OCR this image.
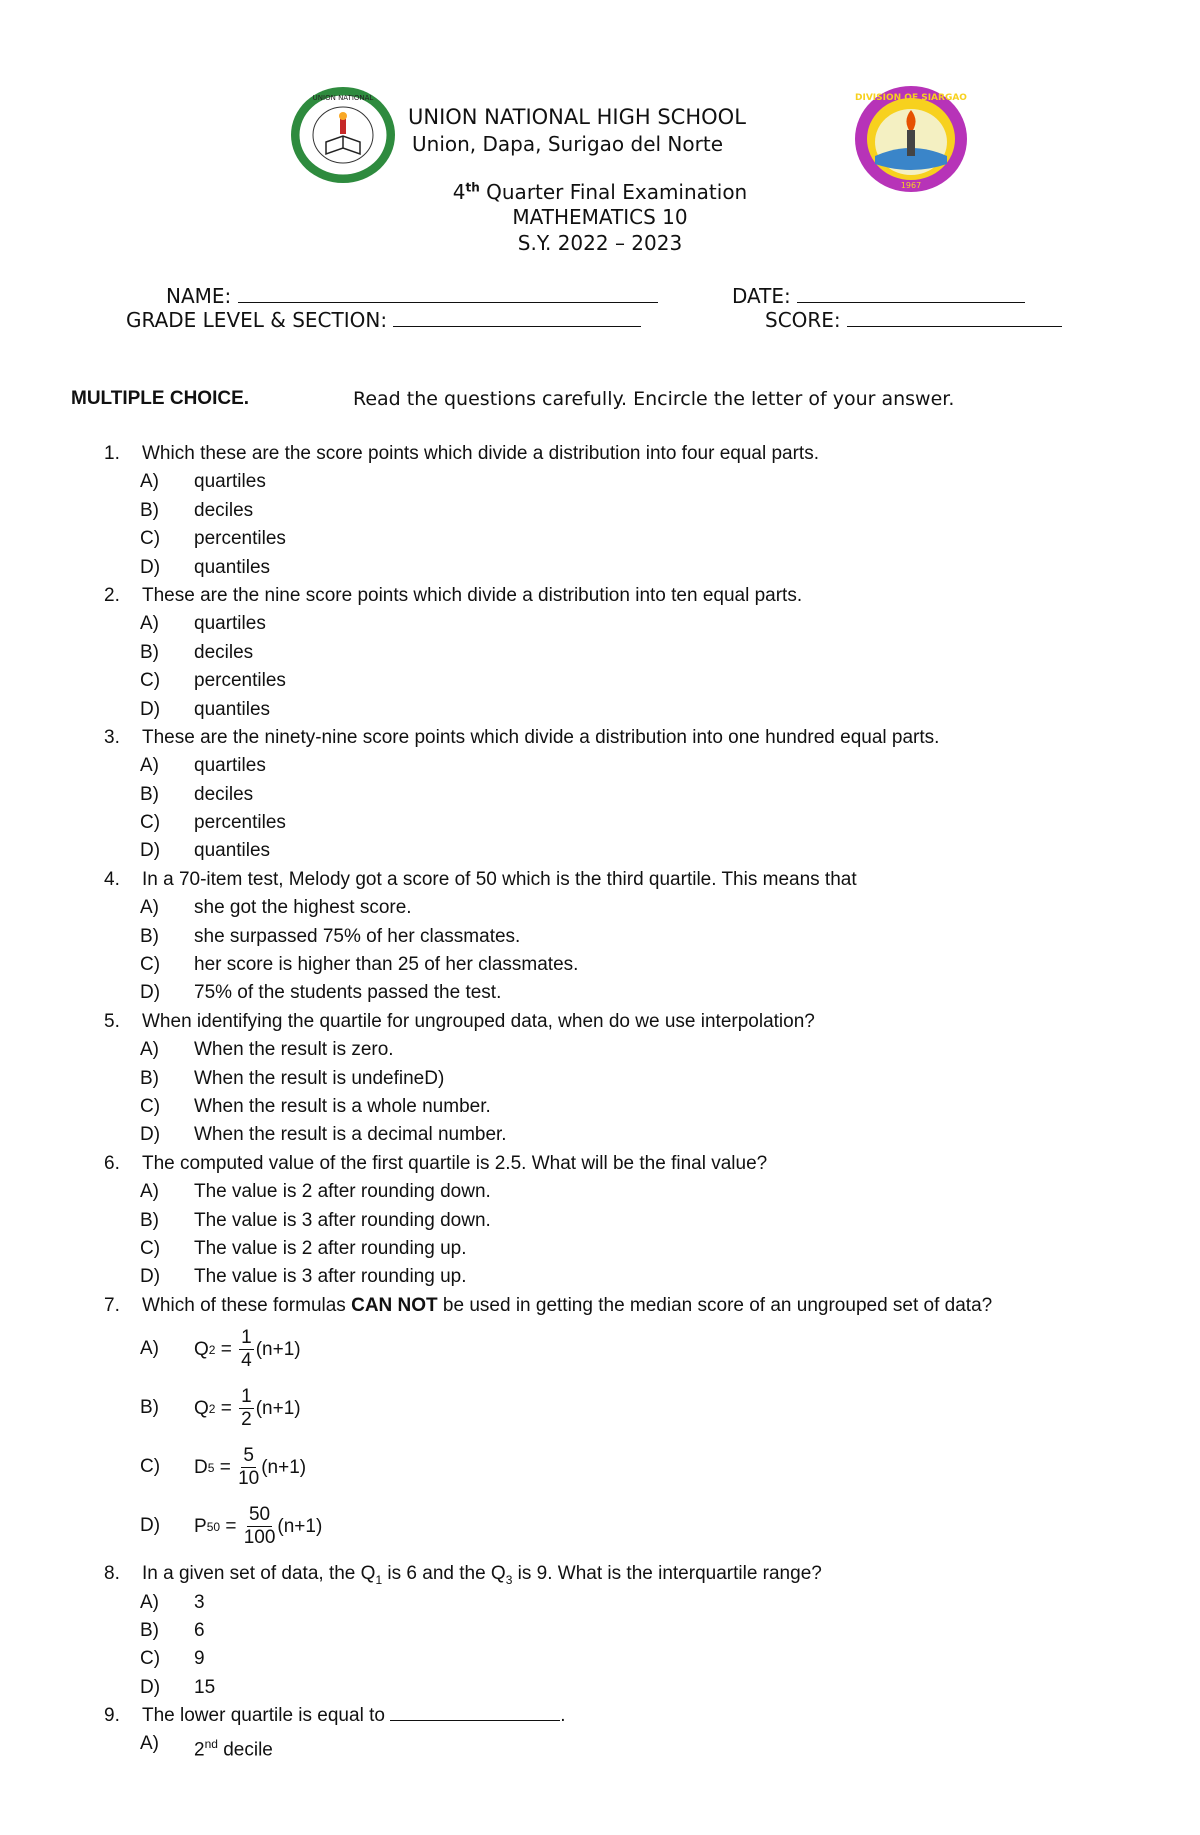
UNION NATIONAL	DIVISION OF SIARGAO
1967
UNION NATIONAL HIGH SCHOOL
Union, Dapa, Surigao del Norte
4th Quarter Final Examination
MATHEMATICS 10
S.Y. 2022 – 2023
NAME:	DATE:
GRADE LEVEL & SECTION:	SCORE:
MULTIPLE CHOICE.	Read the questions carefully. Encircle the letter of your answer.
1. Which these are the score points which divide a distribution into four equal parts.
A) quartiles
B) deciles
C) percentiles
D) quantiles
2. These are the nine score points which divide a distribution into ten equal parts.
A) quartiles
B) deciles
C) percentiles
D) quantiles
3. These are the ninety-nine score points which divide a distribution into one hundred equal parts.
A) quartiles
B) deciles
C) percentiles
D) quantiles
4. In a 70-item test, Melody got a score of 50 which is the third quartile. This means that
A) she got the highest score.
B) she surpassed 75% of her classmates.
C) her score is higher than 25 of her classmates.
D) 75% of the students passed the test.
5. When identifying the quartile for ungrouped data, when do we use interpolation?
A) When the result is zero.
B) When the result is undefineD)
C) When the result is a whole number.
D) When the result is a decimal number.
6. The computed value of the first quartile is 2.5. What will be the final value?
A) The value is 2 after rounding down.
B) The value is 3 after rounding down.
C) The value is 2 after rounding up.
D) The value is 3 after rounding up.
7. Which of these formulas CAN NOT be used in getting the median score of an ungrouped set of data?
A) Q $2 = \frac{1}{4} (n+1)$
B) Q $2 = \frac{1}{2} (n+1)$
C) D $5 = \frac{5}{10} (n+1)$
D) P $50 = \frac{50}{100} (n+1)$
8. In a given set of data, the $Q_1$ is 6 and the $Q_3$ is 9. What is the interquartile range?
A) 3
B) 6
C) 9
D) 15
9. The lower quartile is equal to	.
A) 2nd decile
